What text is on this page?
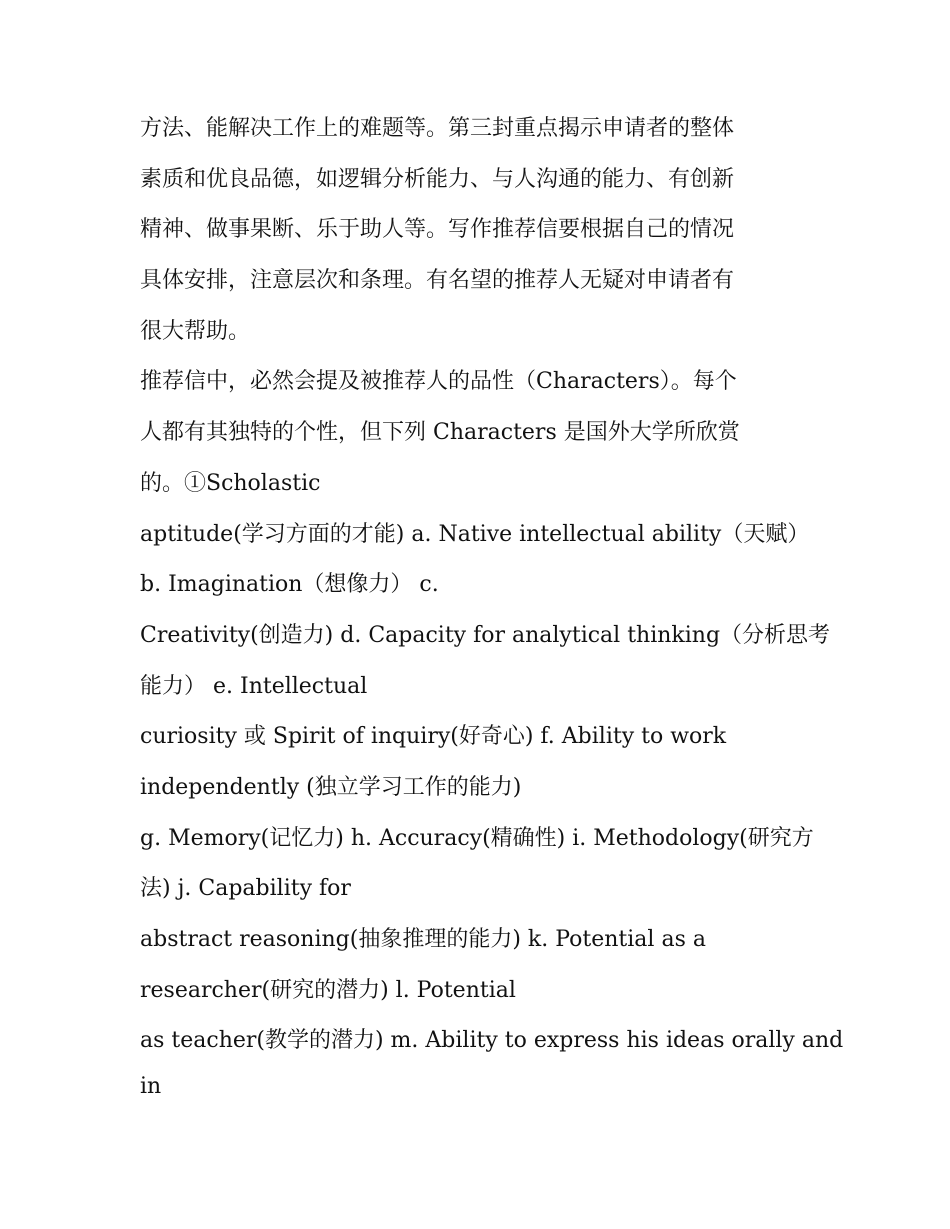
方法、能解决工作上的难题等。第三封重点揭示申请者的整体
素质和优良品德，如逻辑分析能力、与人沟通的能力、有创新
精神、做事果断、乐于助人等。写作推荐信要根据自己的情况
具体安排，注意层次和条理。有名望的推荐人无疑对申请者有
很大帮助。
推荐信中，必然会提及被推荐人的品性（Characters）。每个
人都有其独特的个性，但下列 Characters 是国外大学所欣赏
的。①Scholastic
aptitude(学习方面的才能) a. Native intellectual ability（天赋）
b. Imagination（想像力） c.
Creativity(创造力) d. Capacity for analytical thinking（分析思考
能力） e. Intellectual
curiosity 或 Spirit of inquiry(好奇心) f. Ability to work
independently (独立学习工作的能力)
g. Memory(记忆力) h. Accuracy(精确性) i. Methodology(研究方
法) j. Capability for
abstract reasoning(抽象推理的能力) k. Potential as a
researcher(研究的潜力) l. Potential
as teacher(教学的潜力) m. Ability to express his ideas orally and
in
